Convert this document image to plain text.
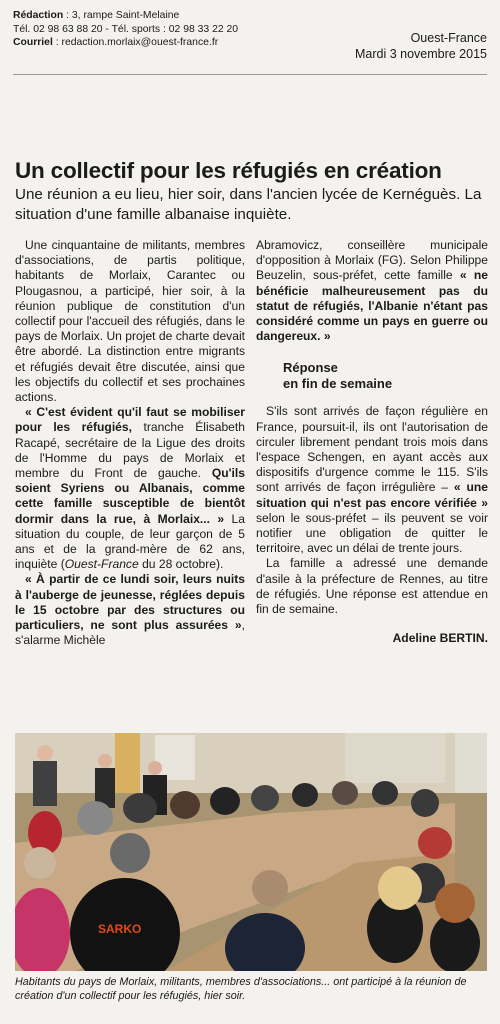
Rédaction : 3, rampe Saint-Melaine
Tél. 02 98 63 88 20 - Tél. sports : 02 98 33 22 20
Courriel : redaction.morlaix@ouest-france.fr	Ouest-France
Mardi 3 novembre 2015
Un collectif pour les réfugiés en création

Une réunion a eu lieu, hier soir, dans l'ancien lycée de Kernéguès. La situation d'une famille albanaise inquiète.

Une cinquantaine de militants, membres d'associations, de partis politique, habitants de Morlaix, Carantec ou Plougasnou, a participé, hier soir, à la réunion publique de constitution d'un collectif pour l'accueil des réfugiés, dans le pays de Morlaix. Un projet de charte devait être abordé. La distinction entre migrants et réfugiés devait être discutée, ainsi que les objectifs du collectif et ses prochaines actions.

« C'est évident qu'il faut se mobiliser pour les réfugiés, tranche Élisabeth Racapé, secrétaire de la Ligue des droits de l'Homme du pays de Morlaix et membre du Front de gauche. Qu'ils soient Syriens ou Albanais, comme cette famille susceptible de bientôt dormir dans la rue, à Morlaix... » La situation du couple, de leur garçon de 5 ans et de la grand-mère de 62 ans, inquiète (Ouest-France du 28 octobre).

« À partir de ce lundi soir, leurs nuits à l'auberge de jeunesse, réglées depuis le 15 octobre par des structures ou particuliers, ne sont plus assurées », s'alarme Michèle

Abramovicz, conseillère municipale d'opposition à Morlaix (FG). Selon Philippe Beuzelin, sous-préfet, cette famille « ne bénéficie malheureusement pas du statut de réfugiés, l'Albanie n'étant pas considéré comme un pays en guerre ou dangereux. »

Réponse
en fin de semaine

S'ils sont arrivés de façon régulière en France, poursuit-il, ils ont l'autorisation de circuler librement pendant trois mois dans l'espace Schengen, en ayant accès aux dispositifs d'urgence comme le 115. S'ils sont arrivés de façon irrégulière – « une situation qui n'est pas encore vérifiée » selon le sous-préfet – ils peuvent se voir notifier une obligation de quitter le territoire, avec un délai de trente jours.

La famille a adressé une demande d'asile à la préfecture de Rennes, au titre de réfugiés. Une réponse est attendue en fin de semaine.

Adeline BERTIN.

SARKO
Habitants du pays de Morlaix, militants, membres d'associations... ont participé à la réunion de création d'un collectif pour les réfugiés, hier soir.
